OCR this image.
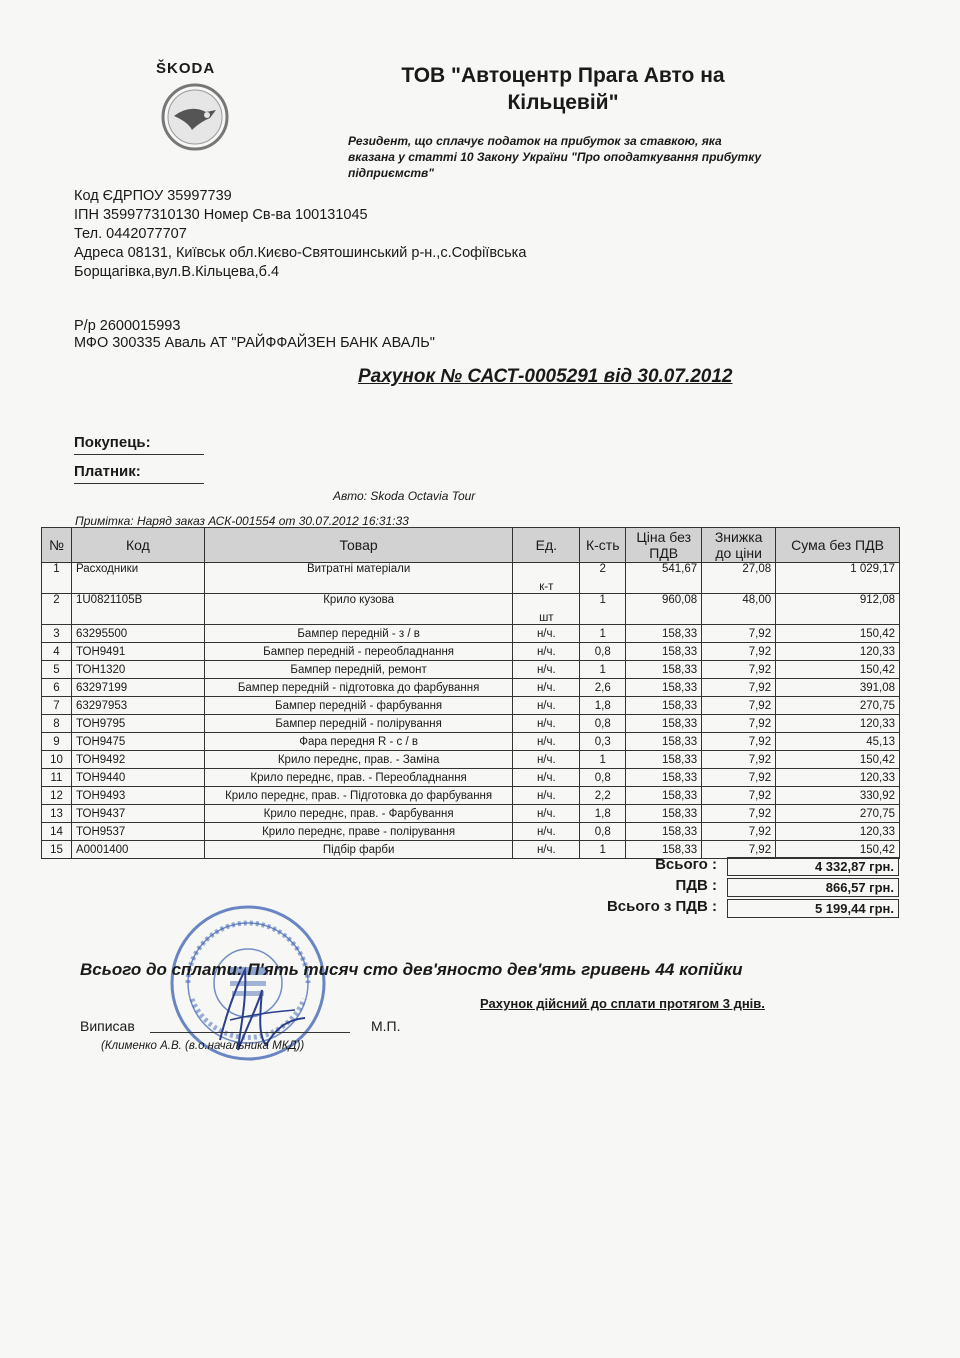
ŠKODA	ТОВ "Автоцентр Прага Авто на Кільцевій"
Резидент, що сплачує податок на прибуток за ставкою, яка вказана у статті 10 Закону України "Про оподаткування прибутку підприємств"
Код ЄДРПОУ 35997739
ІПН 359977310130 Номер Св-ва 100131045
Тел. 0442077707
Адреса 08131, Київськ обл.Києво-Святошинський р-н.,с.Софіївська
Борщагівка,вул.В.Кільцева,б.4
Р/р 2600015993
МФО 300335 Аваль АТ "РАЙФФАЙЗЕН БАНК АВАЛЬ"
Рахунок № САСТ-0005291 від 30.07.2012
Покупець:
Платник:
Авто: Skoda Octavia Tour
Примітка: Наряд заказ АСК-001554 от 30.07.2012 16:31:33
№	Код	Товар	Ед.	К-сть	Ціна без ПДВ	Знижка до ціни	Сума без ПДВ
1	Расходники	Витратні матеріали	к-т	2	541,67	27,08	1 029,17
2	1U0821105B	Крило кузова	шт	1	960,08	48,00	912,08
3	63295500	Бампер передній - з / в	н/ч.	1	158,33	7,92	150,42
4	ТОН9491	Бампер передній - переобладнання	н/ч.	0,8	158,33	7,92	120,33
5	ТОН1320	Бампер передній, ремонт	н/ч.	1	158,33	7,92	150,42
6	63297199	Бампер передній - підготовка до фарбування	н/ч.	2,6	158,33	7,92	391,08
7	63297953	Бампер передній - фарбування	н/ч.	1,8	158,33	7,92	270,75
8	ТОН9795	Бампер передній - полірування	н/ч.	0,8	158,33	7,92	120,33
9	ТОН9475	Фара передня R - с / в	н/ч.	0,3	158,33	7,92	45,13
10	ТОН9492	Крило переднє, прав. - Заміна	н/ч.	1	158,33	7,92	150,42
11	ТОН9440	Крило переднє, прав. - Переобладнання	н/ч.	0,8	158,33	7,92	120,33
12	ТОН9493	Крило переднє, прав. - Підготовка до фарбування	н/ч.	2,2	158,33	7,92	330,92
13	ТОН9437	Крило переднє, прав. - Фарбування	н/ч.	1,8	158,33	7,92	270,75
14	ТОН9537	Крило переднє, праве - полірування	н/ч.	0,8	158,33	7,92	120,33
15	А0001400	Підбір фарби	н/ч.	1	158,33	7,92	150,42
Всього :	4 332,87 грн.
ПДВ :	866,57 грн.
Всього з ПДВ :	5 199,44 грн.
Всього до сплати: П'ять тисяч сто дев'яносто дев'ять гривень 44 копійки
Рахунок дійсний до сплати протягом 3 днів.
Виписав	М.П.
(Клименко А.В. (в.о.начальника МКД))
